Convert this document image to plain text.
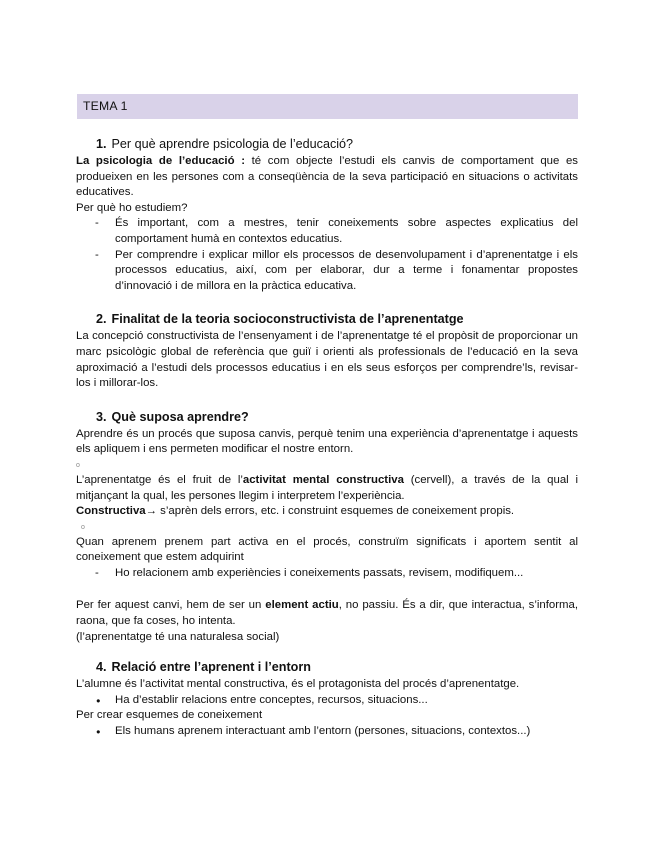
TEMA 1
1. Per què aprendre psicologia de l’educació?

La psicologia de l’educació : té com objecte l’estudi els canvis de comportament que es produeixen en les persones com a conseqüència de la seva participació en situacions o activitats educatives.

Per què ho estudiem?

- És important, com a mestres, tenir coneixements sobre aspectes explicatius del comportament humà en contextos educatius.
- Per comprendre i explicar millor els processos de desenvolupament i d’aprenentatge i els processos educatius, així, com per elaborar, dur a terme i fonamentar propostes d’innovació i de millora en la pràctica educativa.
2. Finalitat de la teoria socioconstructivista de l’aprenentatge

La concepció constructivista de l’ensenyament i de l’aprenentatge té el propòsit de proporcionar un marc psicològic global de referència que guiï i orienti als professionals de l’educació en la seva aproximació a l’estudi dels processos educatius i en els seus esforços per comprendre’ls, revisar-los i millorar-los.

3. Què suposa aprendre?

Aprendre és un procés que suposa canvis, perquè tenim una experiència d’aprenentatge i aquests els apliquem i ens permeten modificar el nostre entorn.

o

L’aprenentatge és el fruit de l’activitat mental constructiva (cervell), a través de la qual i mitjançant la qual, les persones llegim i interpretem l’experiència.

Constructiva→ s’aprèn dels errors, etc. i construint esquemes de coneixement propis.

o

Quan aprenem prenem part activa en el procés, construïm significats i aportem sentit al coneixement que estem adquirint

- Ho relacionem amb experiències i coneixements passats, revisem, modifiquem...

Per fer aquest canvi, hem de ser un element actiu, no passiu. És a dir, que interactua, s’informa, raona, que fa coses, ho intenta.

(l’aprenentatge té una naturalesa social)

4. Relació entre l’aprenent i l’entorn

L’alumne és l’activitat mental constructiva, és el protagonista del procés d’aprenentatge.

● Ha d’establir relacions entre conceptes, recursos, situacions...

Per crear esquemes de coneixement

● Els humans aprenem interactuant amb l’entorn (persones, situacions, contextos...)
